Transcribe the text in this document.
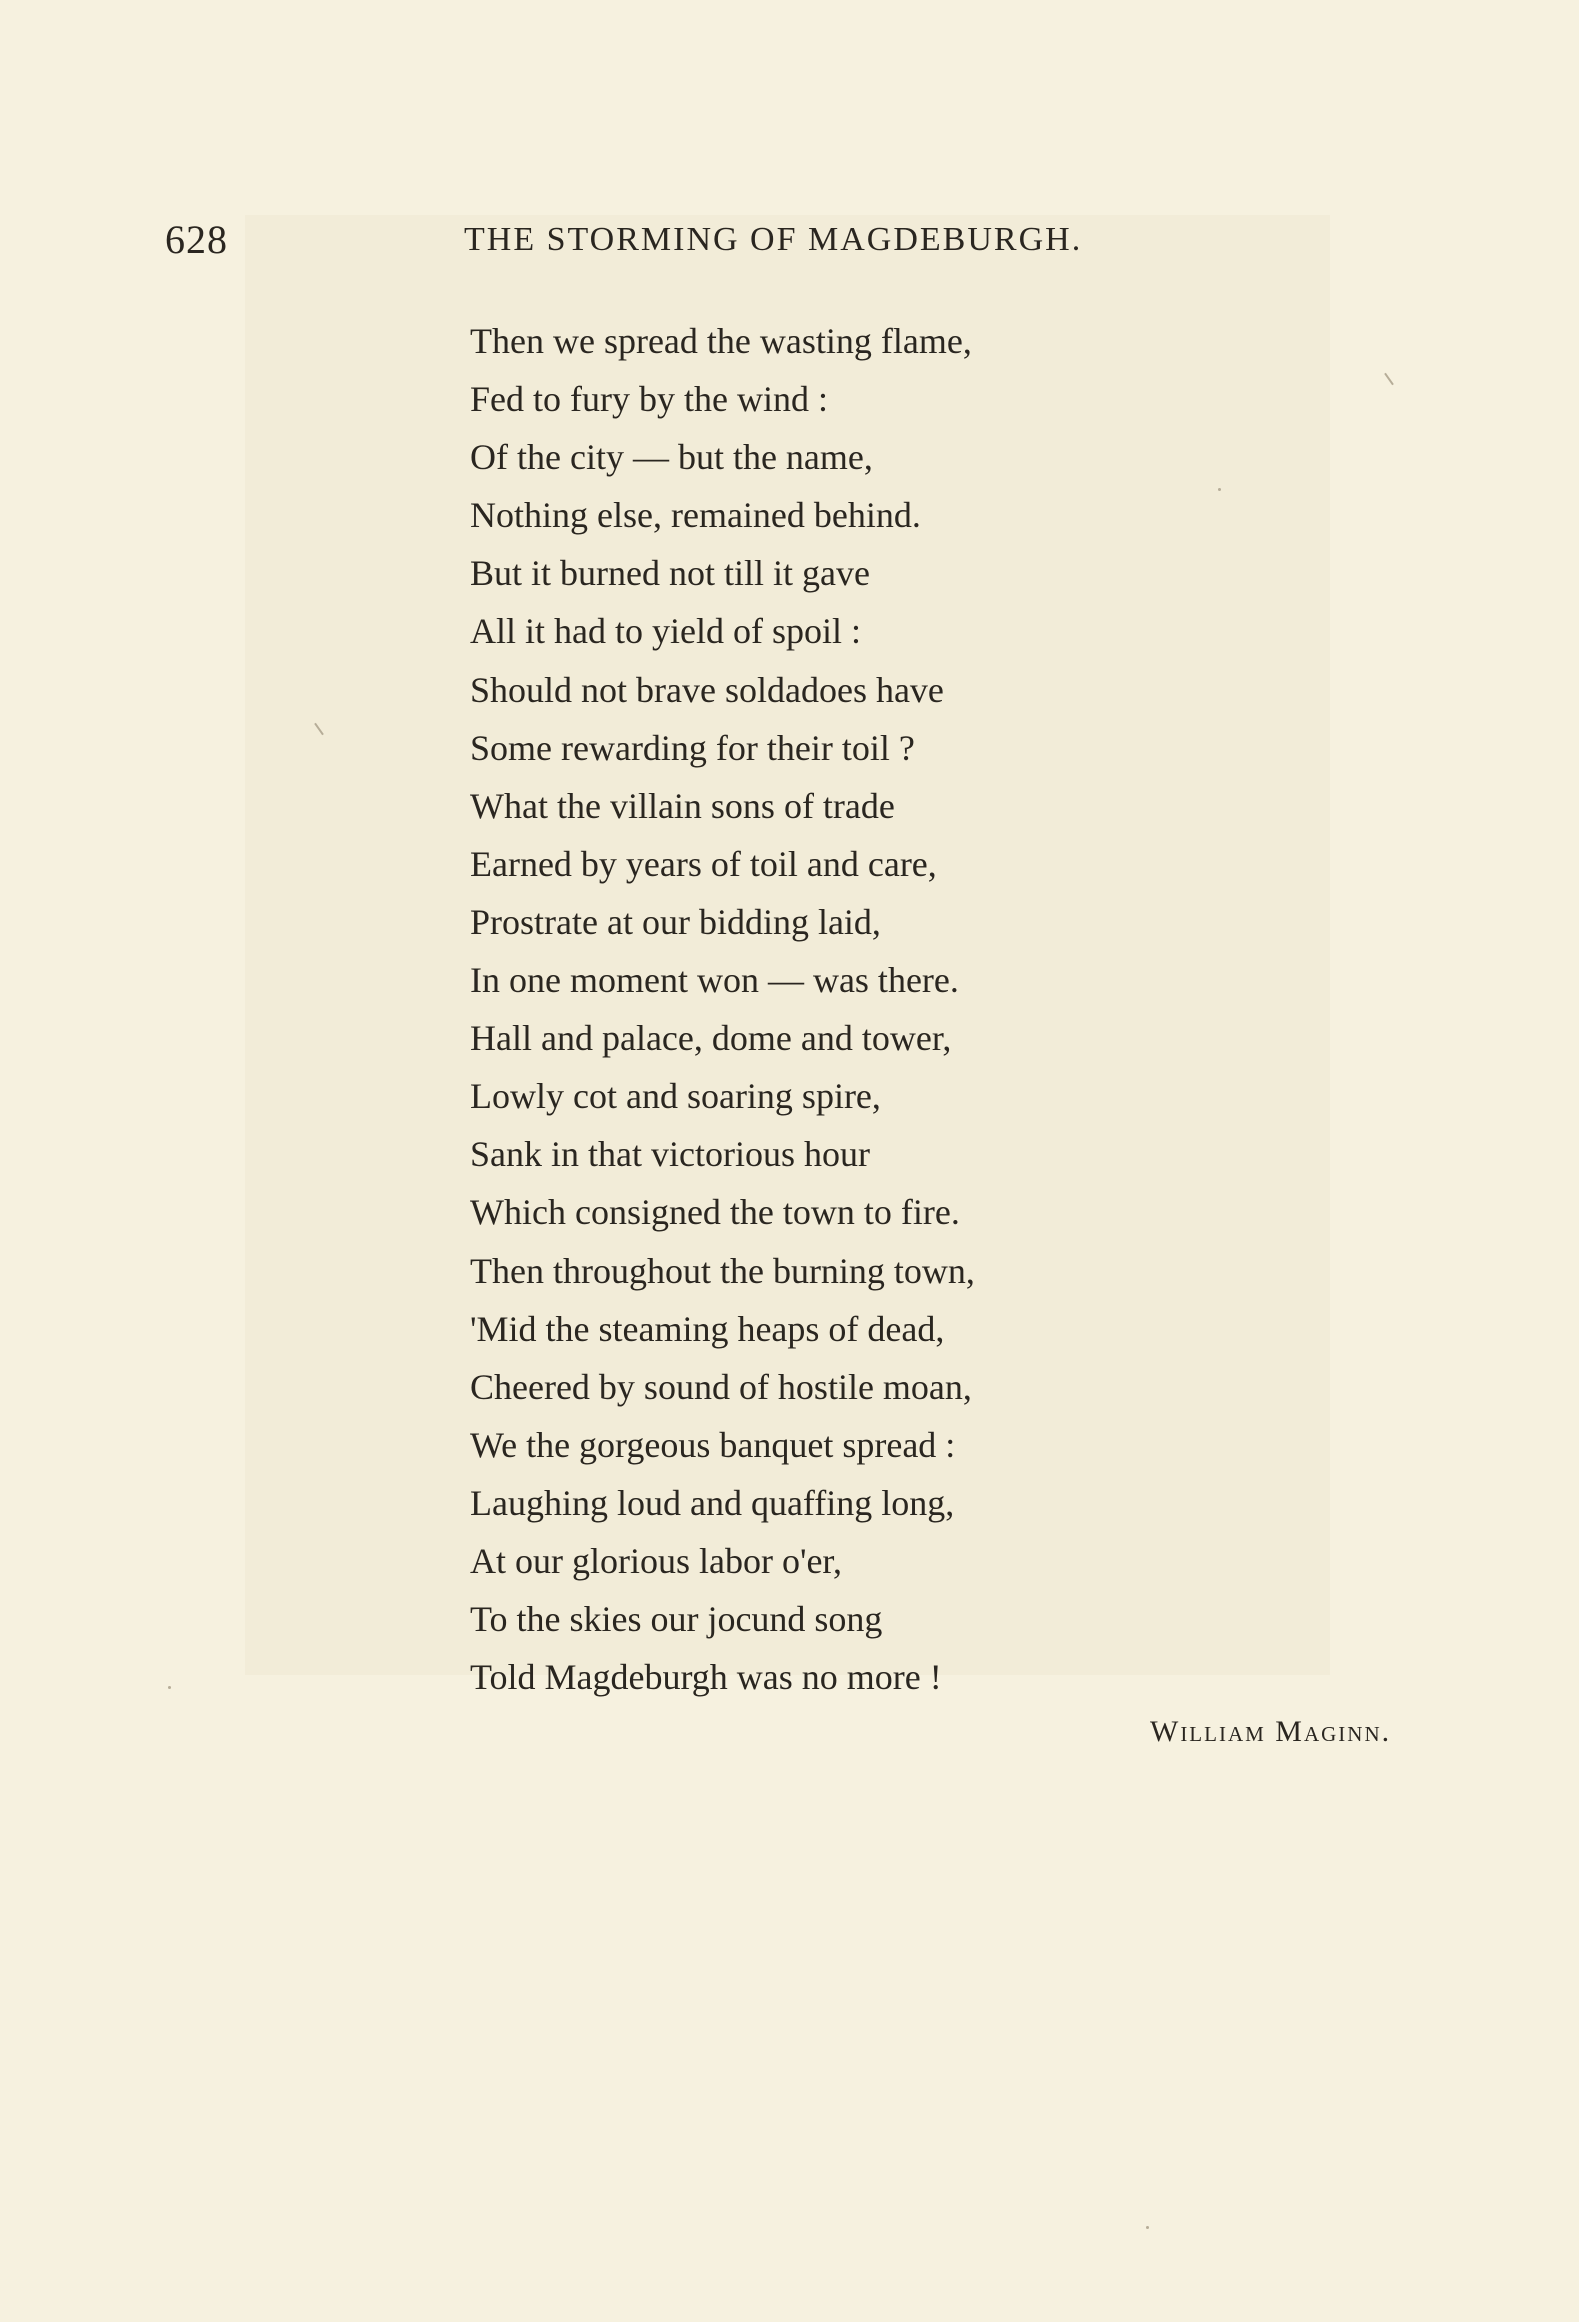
628	THE STORMING OF MAGDEBURGH.
Then we spread the wasting flame,
Fed to fury by the wind :
Of the city — but the name,
Nothing else, remained behind.
But it burned not till it gave
All it had to yield of spoil :
Should not brave soldadoes have
Some rewarding for their toil ?
What the villain sons of trade
Earned by years of toil and care,
Prostrate at our bidding laid,
In one moment won — was there.
Hall and palace, dome and tower,
Lowly cot and soaring spire,
Sank in that victorious hour
Which consigned the town to fire.
Then throughout the burning town,
'Mid the steaming heaps of dead,
Cheered by sound of hostile moan,
We the gorgeous banquet spread :
Laughing loud and quaffing long,
At our glorious labor o'er,
To the skies our jocund song
Told Magdeburgh was no more !
William Maginn.
